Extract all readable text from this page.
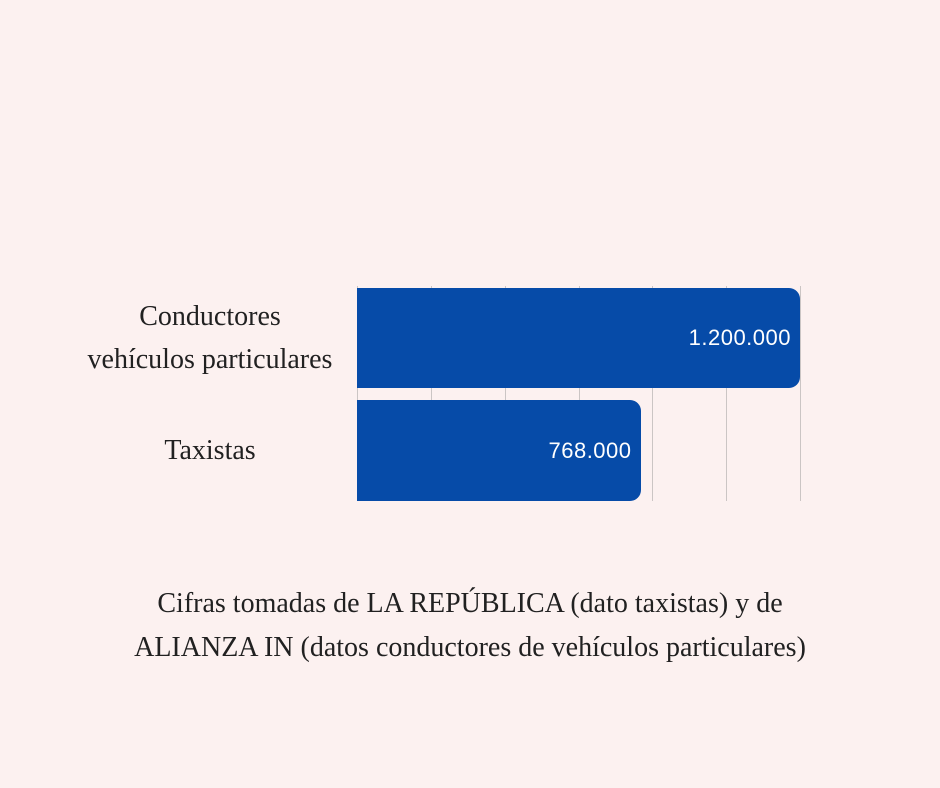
1.200.000
768.000
Conductores
vehículos particulares
Taxistas
Cifras tomadas de LA REPÚBLICA (dato taxistas) y de
ALIANZA IN (datos conductores de vehículos particulares)
